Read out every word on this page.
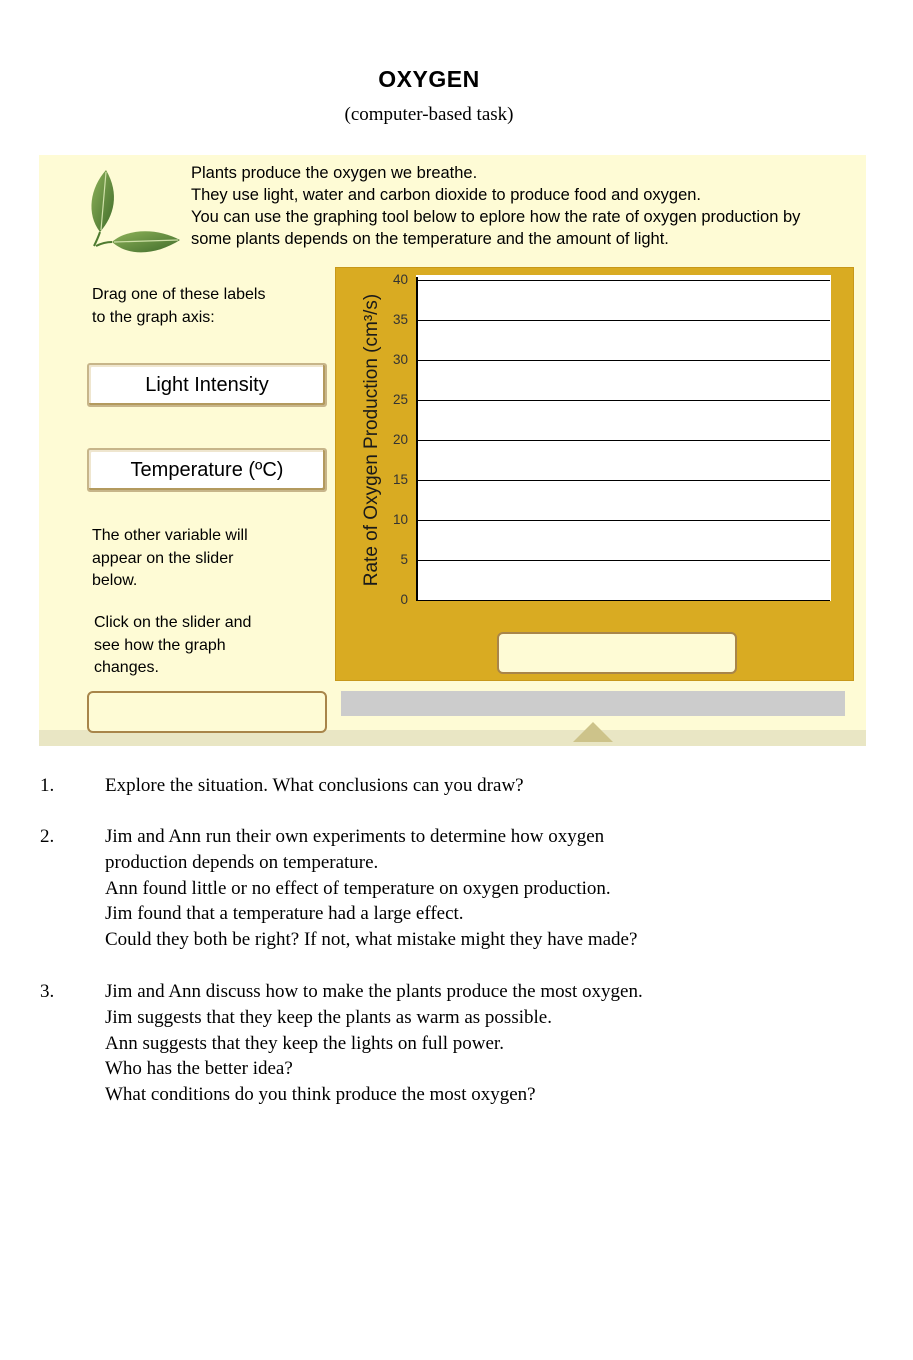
OXYGEN
(computer-based task)
Plants produce the oxygen we breathe.
They use light, water and carbon dioxide to produce food and oxygen.
You can use the graphing tool below to eplore how the rate of oxygen production by
some plants depends on the temperature and the amount of light.
Drag one of these labels
to the graph axis:
Light Intensity
Temperature (ºC)
The other variable will
appear on the slider
below.
Click on the slider and
see how the graph
changes.
0
5
10
15
20
25
30
35
40
Rate of Oxygen Production (cm³/s)
1.	Explore the situation. What conclusions can you draw?
2.	Jim and Ann run their own experiments to determine how oxygen
production depends on temperature.
Ann found little or no effect of temperature on oxygen production.
Jim found that a temperature had a large effect.
Could they both be right? If not, what mistake might they have made?
3.	Jim and Ann discuss how to make the plants produce the most oxygen.
Jim suggests that they keep the plants as warm as possible.
Ann suggests that they keep the lights on full power.
Who has the better idea?
What conditions do you think produce the most oxygen?
